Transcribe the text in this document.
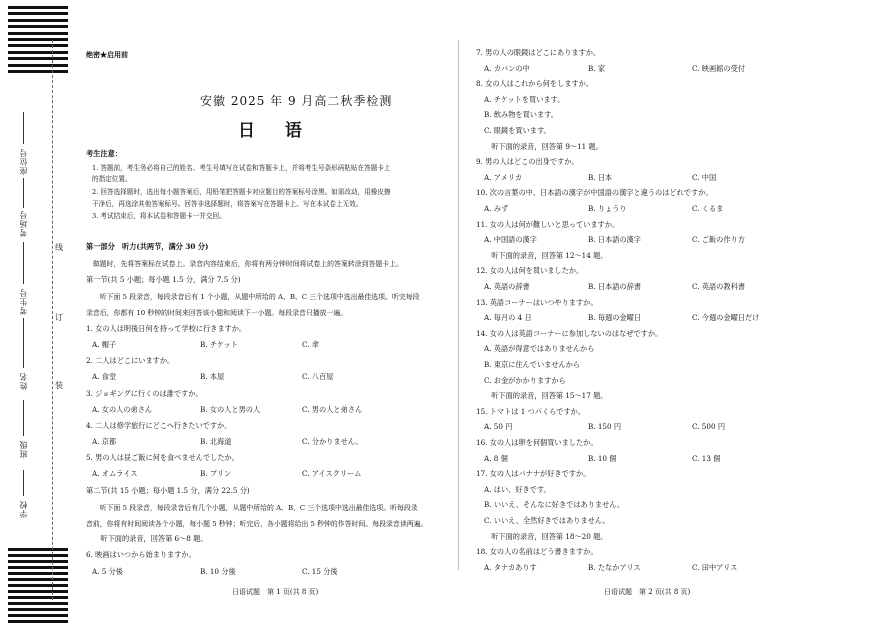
座位号
考场号
考生号
姓名
班级
学校
线
订
装
绝密★启用前
安徽 2025 年 9 月高二秋季检测
日 语
考生注意：
1. 答题前，考生务必将自己的姓名、考生号填写在试卷和答题卡上，并将考生号条形码粘贴在答题卡上
的指定位置。
2. 回答选择题时，选出每小题答案后，用铅笔把答题卡对应题目的答案标号涂黑。如需改动，用橡皮擦
干净后，再选涂其他答案标号。回答非选择题时，将答案写在答题卡上。写在本试卷上无效。
3. 考试结束后，将本试卷和答题卡一并交回。
第一部分　听力(共两节，满分 30 分)
　做题时，先将答案标在试卷上。录音内容结束后，你将有两分钟时间将试卷上的答案转涂到答题卡上。
第一节(共 5 小题；每小题 1.5 分，满分 7.5 分)
　　听下面 5 段录音，每段录音后有 1 个小题，从题中所给的 A、B、C 三个选项中选出最佳选项。听完每段
录音后，你都有 10 秒钟的时间来回答该小题和阅读下一小题。每段录音只播放一遍。
1. 女の人は明後日何を持って学校に行きますか。
A. 帽子	B. チケット	C. 傘
2. 二人はどこにいますか。
A. 食堂	B. 本屋	C. 八百屋
3. ジョギングに行くのは誰ですか。
A. 女の人の弟さん	B. 女の人と男の人	C. 男の人と弟さん
4. 二人は修学旅行にどこへ行きたいですか。
A. 京都	B. 北海道	C. 分かりません。
5. 男の人は昼ご飯に何を食べませんでしたか。
A. オムライス	B. プリン	C. アイスクリーム
第二节(共 15 小题；每小题 1.5 分，满分 22.5 分)
　　听下面 5 段录音，每段录音后有几个小题，从题中所给的 A、B、C 三个选项中选出最佳选项。听每段录
音前，你将有时间阅读各个小题，每小题 5 秒钟；听完后，各小题将给出 5 秒钟的作答时间。每段录音读两遍。
　　听下面的录音，回答第 6～8 题。
6. 映画はいつから始まりますか。
A. 5 分後	B. 10 分後	C. 15 分後
日语试题　第 1 页(共 8 页)
7. 男の人の眼鏡はどこにありますか。
A. カバンの中	B. 家	C. 映画館の受付
8. 女の人はこれから何をしますか。
A. チケットを買います。
B. 飲み物を買います。
C. 眼鏡を買います。
　听下面的录音，回答第 9～11 题。
9. 男の人はどこの出身ですか。
A. アメリカ	B. 日本	C. 中国
10. 次の言葉の中、日本語の漢字が中国語の漢字と違うのはどれですか。
A. みず	B. りょうり	C. くるま
11. 女の人は何が難しいと思っていますか。
A. 中国語の漢字	B. 日本語の漢字	C. ご飯の作り方
　听下面的录音，回答第 12～14 题。
12. 女の人は何を買いましたか。
A. 英語の辞書	B. 日本語の辞書	C. 英語の教科書
13. 英語コーナーはいつやりますか。
A. 毎月の 4 日	B. 毎週の金曜日	C. 今週の金曜日だけ
14. 女の人は英語コーナーに参加しないのはなぜですか。
A. 英語が得意ではありませんから
B. 東京に住んでいませんから
C. お金がかかりますから
　听下面的录音，回答第 15～17 题。
15. トマトは 1 つパくらですか。
A. 50 円	B. 150 円	C. 500 円
16. 女の人は卵を何個買いましたか。
A. 8 個	B. 10 個	C. 13 個
17. 女の人はバナナが好きですか。
A. はい、好きです。
B. いいえ、そんなに好きではありません。
C. いいえ、全然好きではありません。
　听下面的录音，回答第 18～20 题。
18. 女の人の名前はどう書きますか。
A. タナカありす	B. たなかアリス	C. 田中アリス
日语试题　第 2 页(共 8 页)
